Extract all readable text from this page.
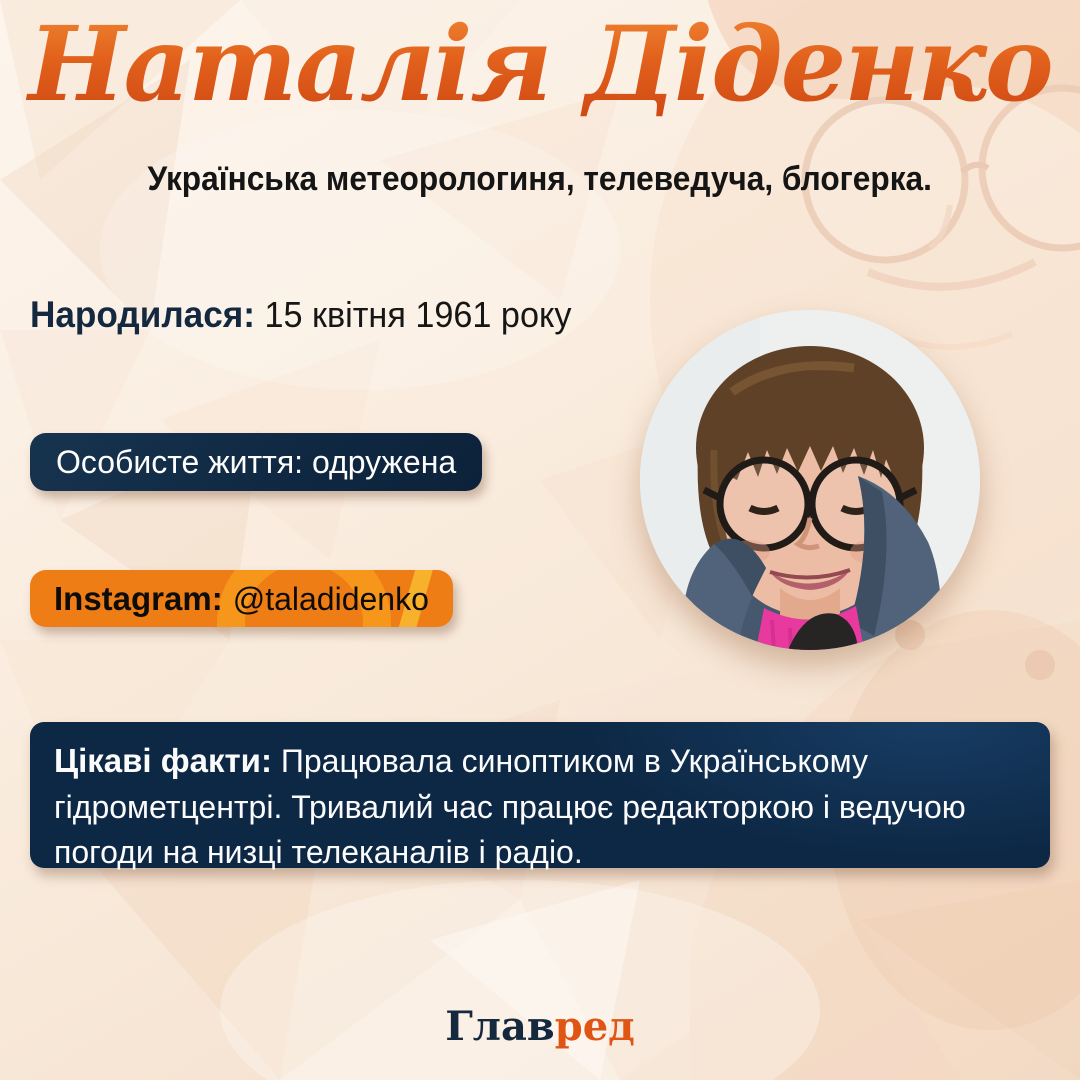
Наталія Діденко

Українська метеорологиня, телеведуча, блогерка.

Народилася: 15 квітня 1961 року
Особисте життя: одружена
Instagram: @taladidenko
Цікаві факти: Працювала синоптиком в Українському гідрометцентрі. Тривалий час працює редакторкою і ведучою погоди на низці телеканалів і радіо.

Главред
